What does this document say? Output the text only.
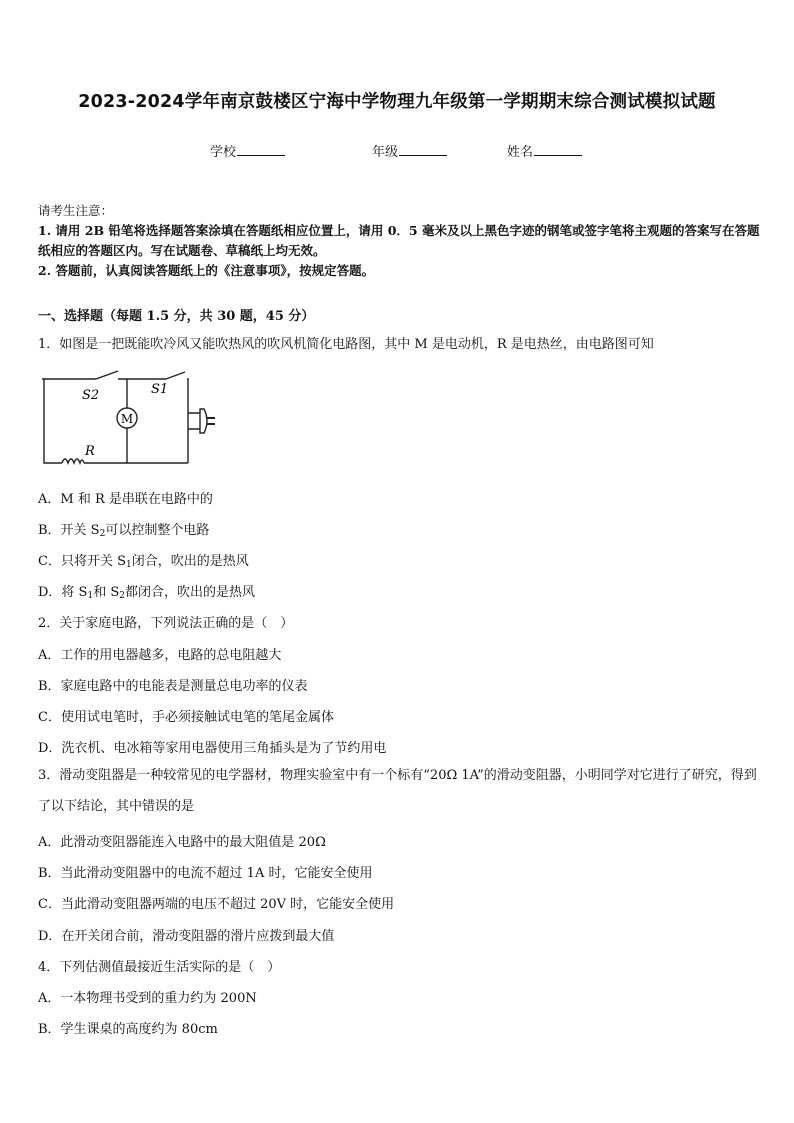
2023-2024学年南京鼓楼区宁海中学物理九年级第一学期期末综合测试模拟试题
学校	年级	姓名
请考生注意：
1. 请用 2B 铅笔将选择题答案涂填在答题纸相应位置上，请用 0．5 毫米及以上黑色字迹的钢笔或签字笔将主观题的答案写在答题纸相应的答题区内。写在试题卷、草稿纸上均无效。
2. 答题前，认真阅读答题纸上的《注意事项》，按规定答题。
一、选择题（每题 1.5 分，共 30 题，45 分）
1．如图是一把既能吹冷风又能吹热风的吹风机简化电路图，其中 M 是电动机，R 是电热丝，由电路图可知
M
S2	S1
R
A．M 和 R 是串联在电路中的
B．开关 $S_2$可以控制整个电路
C．只将开关 $S_1$闭合，吹出的是热风
D．将 $S_1$和 $S_2$都闭合，吹出的是热风
2．关于家庭电路，下列说法正确的是（　）
A．工作的用电器越多，电路的总电阻越大
B．家庭电路中的电能表是测量总电功率的仪表
C．使用试电笔时，手必须接触试电笔的笔尾金属体
D．洗衣机、电冰箱等家用电器使用三角插头是为了节约用电
3．滑动变阻器是一种较常见的电学器材，物理实验室中有一个标有“20Ω 1A”的滑动变阻器，小明同学对它进行了研究，得到了以下结论，其中错误的是
A．此滑动变阻器能连入电路中的最大阻值是 20Ω
B．当此滑动变阻器中的电流不超过 1A 时，它能安全使用
C．当此滑动变阻器两端的电压不超过 20V 时，它能安全使用
D．在开关闭合前，滑动变阻器的滑片应拨到最大值
4．下列估测值最接近生活实际的是（　）
A．一本物理书受到的重力约为 200N
B．学生课桌的高度约为 80cm
